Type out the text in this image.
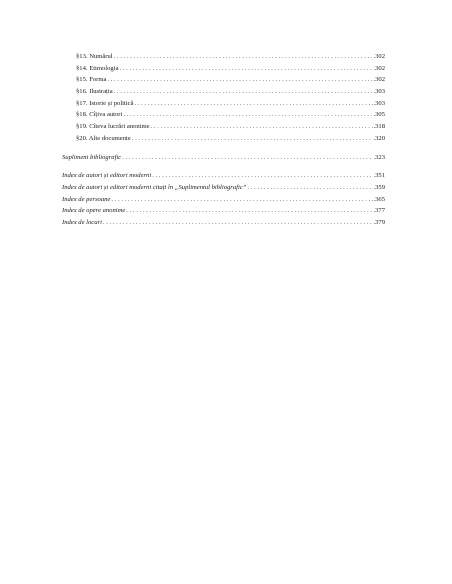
§13. Numărul . . .	.302
§14. Etimologia . . .	.302
§15. Forma . . .	.302
§16. Ilustrația . . .	.303
§17. Istorie și politică . . .	.303
§18. Cîțiva autori . . .	.305
§19. Cîteva lucrări anonime . . .	.318
§20. Alte documente . . .	.320
Supliment bibliografic . . .	.323
Index de autori și editori moderni . . .	.351
Index de autori și editori moderni citați în „Suplimentul bibliografic” . . .	.359
Index de persoane . . .	.365
Index de opere anonime . . .	.377
Index de locuri . . .	.379
